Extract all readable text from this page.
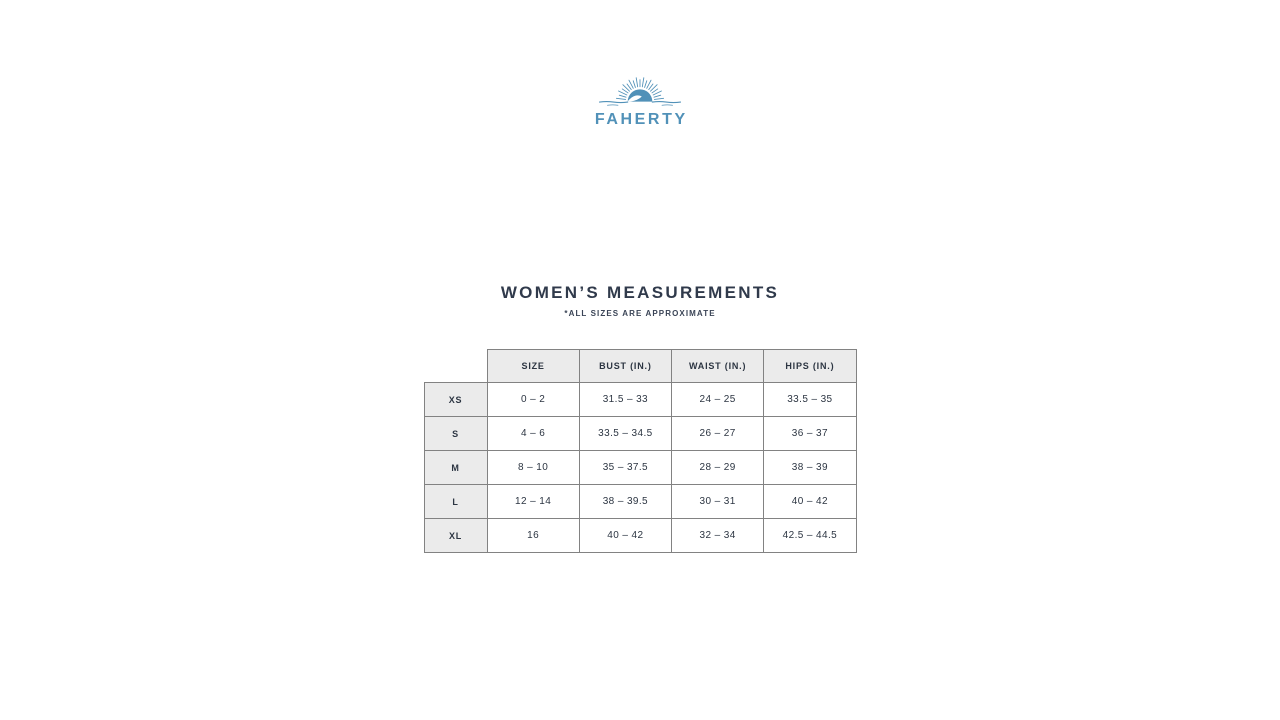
FAHERTY
WOMEN’S MEASUREMENTS
*ALL SIZES ARE APPROXIMATE
	SIZE	BUST (IN.)	WAIST (IN.)	HIPS (IN.)
XS	0 – 2	31.5 – 33	24 – 25	33.5 – 35
S	4 – 6	33.5 – 34.5	26 – 27	36 – 37
M	8 – 10	35 – 37.5	28 – 29	38 – 39
L	12 – 14	38 – 39.5	30 – 31	40 – 42
XL	16	40 – 42	32 – 34	42.5 – 44.5
